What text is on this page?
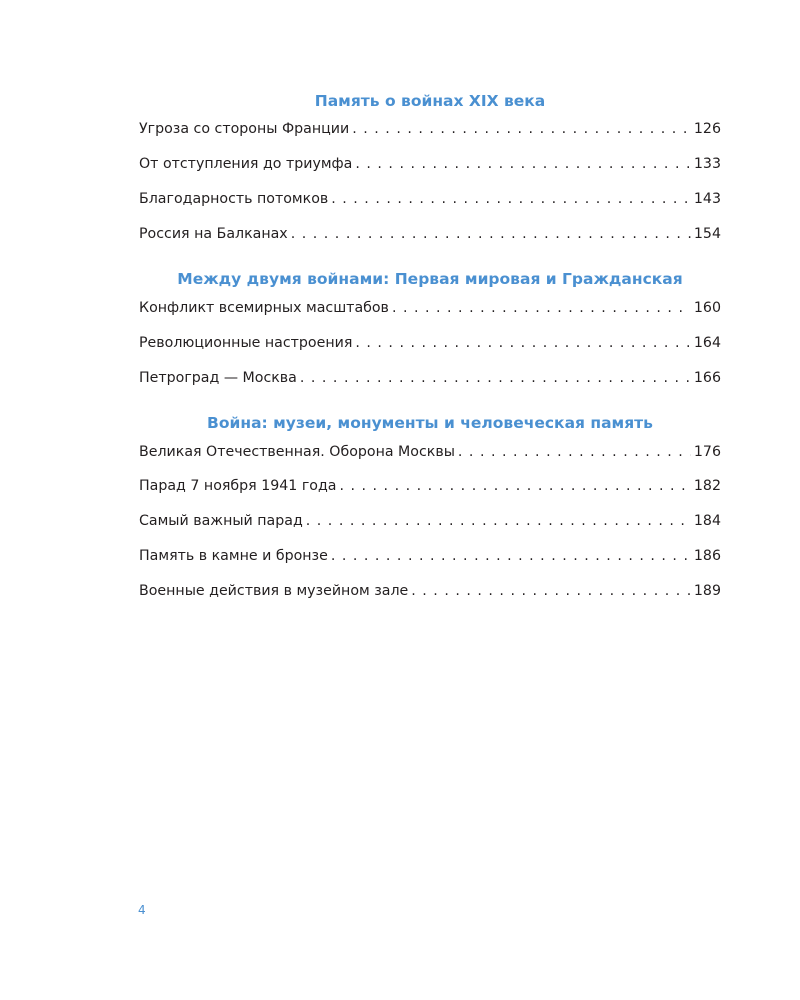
Память о войнах XIX века
Угроза со стороны Франции . . .	126
От отступления до триумфа . . .	133
Благодарность потомков . . .	143
Россия на Балканах . . .	154
Между двумя войнами: Первая мировая и Гражданская
Конфликт всемирных масштабов . . .	160
Революционные настроения . . .	164
Петроград — Москва . . .	166
Война: музеи, монументы и человеческая память
Великая Отечественная. Оборона Москвы . . .	176
Парад 7 ноября 1941 года . . .	182
Самый важный парад . . .	184
Память в камне и бронзе . . .	186
Военные действия в музейном зале . . .	189
4
